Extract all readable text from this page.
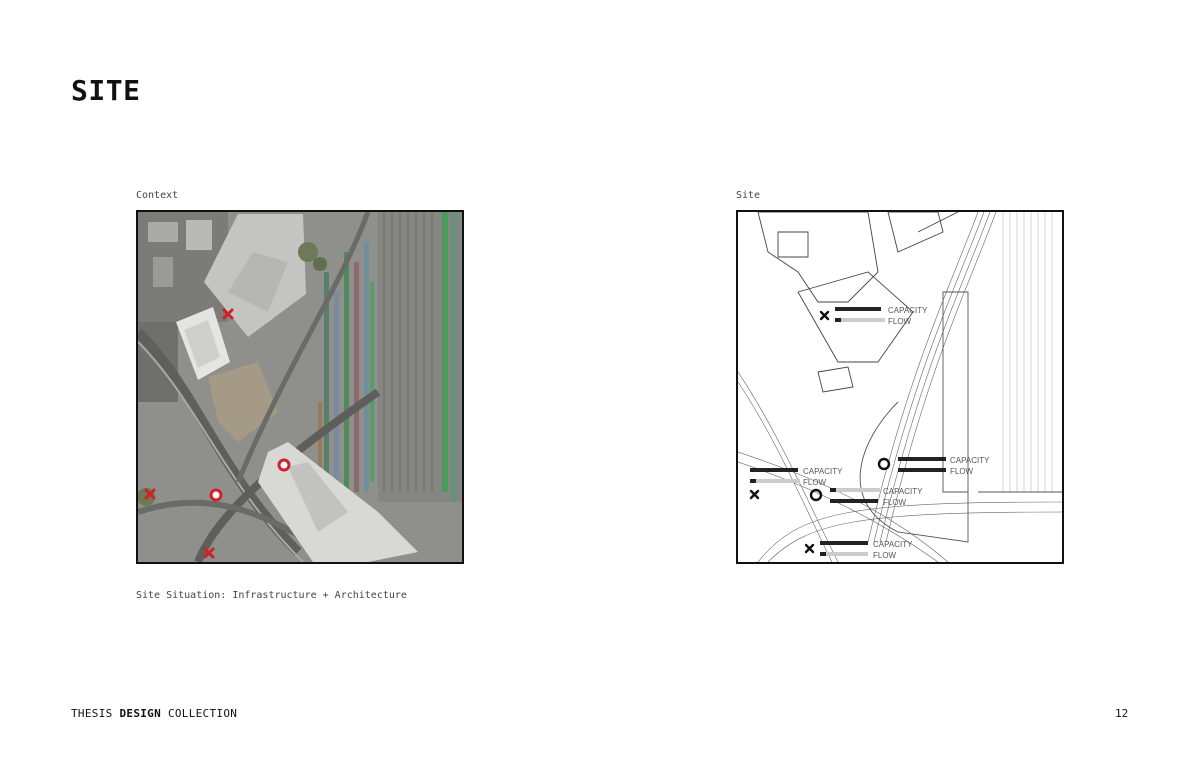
SITE
Context
Site Situation: Infrastructure + Architecture
Site
CAPACITY
FLOW
CAPACITY
FLOW
CAPACITY
FLOW
CAPACITY
FLOW
CAPACITY
FLOW
THESIS DESIGN COLLECTION	12
